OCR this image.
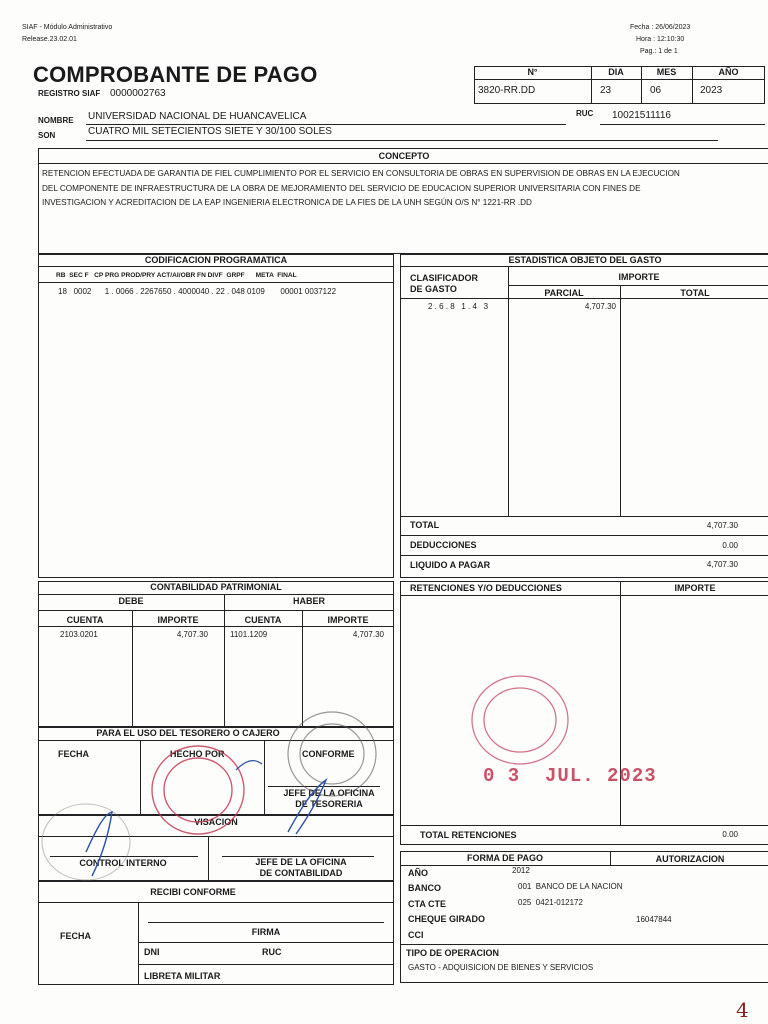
SIAF - Módulo Administrativo
Release.23.02.01
Fecha : 26/06/2023
Hora : 12:10:30
Pag.: 1 de 1
COMPROBANTE DE PAGO
REGISTRO SIAF 0000002763
N°	DIA	MES	AÑO
3820-RR.DD	23	06	2023
NOMBRE UNIVERSIDAD NACIONAL DE HUANCAVELICA	RUC 10021511116
SON	CUATRO MIL SETECIENTOS SIETE Y 30/100 SOLES
CONCEPTO
RETENCION EFECTUADA DE GARANTIA DE FIEL CUMPLIMIENTO POR EL SERVICIO EN CONSULTORIA DE OBRAS EN SUPERVISION DE OBRAS EN LA EJECUCION
DEL COMPONENTE DE INFRAESTRUCTURA DE LA OBRA DE MEJORAMIENTO DEL SERVICIO DE EDUCACION SUPERIOR UNIVERSITARIA CON FINES DE
INVESTIGACION Y ACREDITACION DE LA EAP INGENIERIA ELECTRONICA DE LA FIES DE LA UNH SEGÚN O/S N° 1221-RR .DD
CODIFICACION PROGRAMATICA
RB  SEC F   CP PRG PROD/PRY ACT/AI/OBR FN DIVF  GRPF      META  FINAL
18   0002      1 . 0066 . 2267650 . 4000040 . 22 . 048 0109       00001 0037122
ESTADISTICA OBJETO DEL GASTO
CLASIFICADOR
DE GASTO
IMPORTE
PARCIAL	TOTAL
2 . 6 . 8   1 . 4   3	4,707.30
TOTAL	4,707.30
DEDUCCIONES	0.00
LIQUIDO A PAGAR	4,707.30
CONTABILIDAD PATRIMONIAL
DEBE	HABER
CUENTA	IMPORTE	CUENTA	IMPORTE
2103.0201	4,707.30	1101.1209	4,707.30
PARA EL USO DEL TESORERO O CAJERO
FECHA	HECHO POR	CONFORME
JEFE DE LA OFICINA
DE TESORERIA
VISACION
CONTROL INTERNO	JEFE DE LA OFICINA
DE CONTABILIDAD
RECIBI CONFORME
FIRMA
FECHA
DNI	RUC
LIBRETA MILITAR
RETENCIONES Y/O DEDUCCIONES	IMPORTE
TOTAL RETENCIONES	0.00
FORMA DE PAGO	AUTORIZACION
AÑO	2012
BANCO	001  BANCO DE LA NACION
CTA CTE	025  0421-012172
CHEQUE GIRADO	16047844
CCI
TIPO DE OPERACION
GASTO - ADQUISICION DE BIENES Y SERVICIOS
0 3  JUL. 2023
4
